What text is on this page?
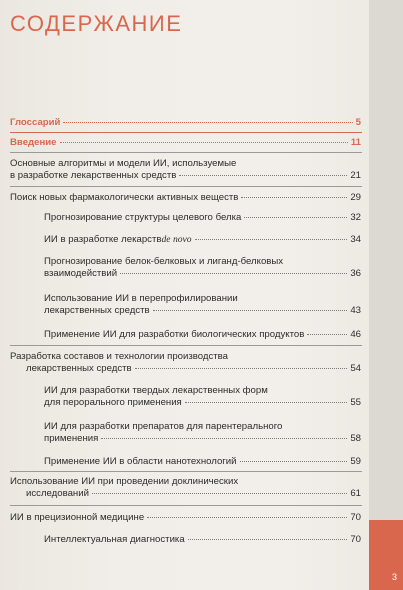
3
СОДЕРЖАНИЕ
Глоссарий	5
Введение	11
Основные алгоритмы и модели ИИ, используемые
в разработке лекарственных средств	21
Поиск новых фармакологически активных веществ	29
Прогнозирование структуры целевого белка	32
ИИ в разработке лекарств de novo	34
Прогнозирование белок-белковых и лиганд-белковых
взаимодействий	36
Использование ИИ в перепрофилировании
лекарственных средств	43
Применение ИИ для разработки биологических продуктов	46
Разработка составов и технологии производства
лекарственных средств	54
ИИ для разработки твердых лекарственных форм
для перорального применения	55
ИИ для разработки препаратов для парентерального
применения	58
Применение ИИ в области нанотехнологий	59
Использование ИИ при проведении доклинических
исследований	61
ИИ в прецизионной медицине	70
Интеллектуальная диагностика	70
